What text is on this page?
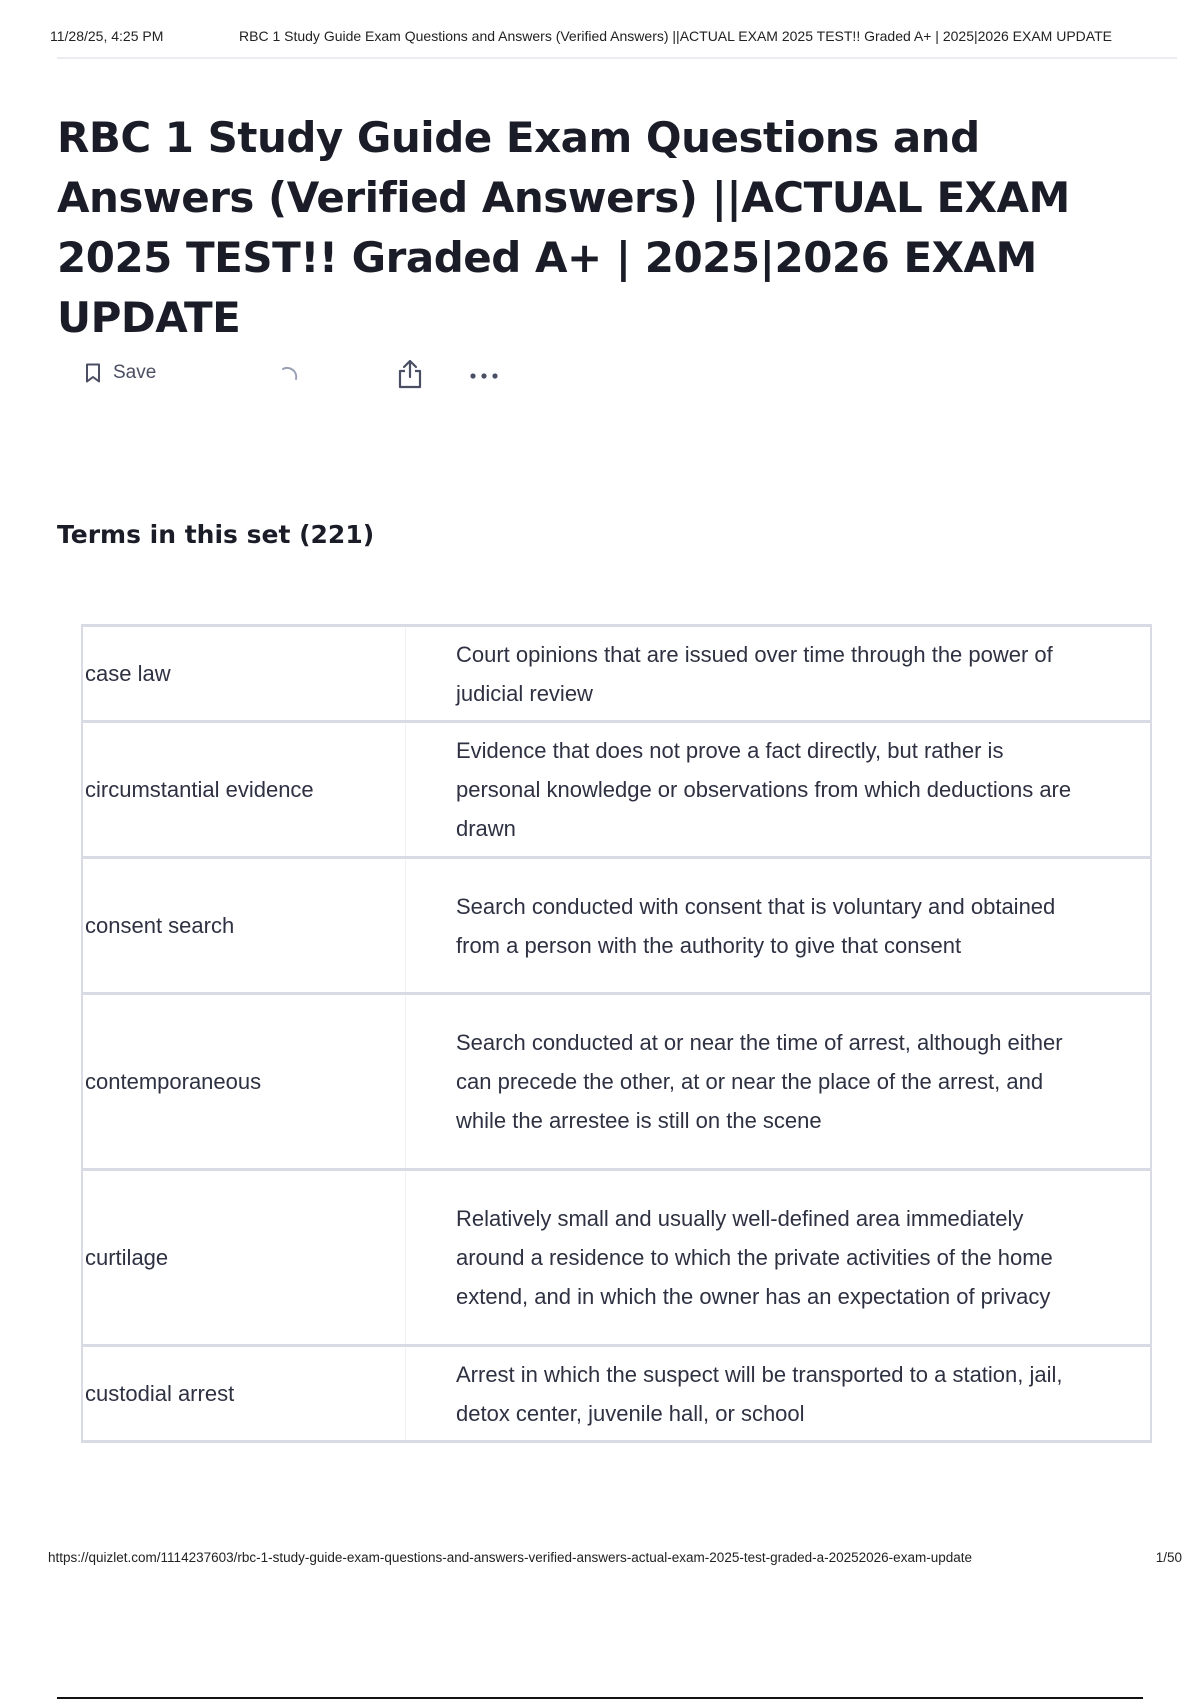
11/28/25, 4:25 PM	RBC 1 Study Guide Exam Questions and Answers (Verified Answers) ||ACTUAL EXAM 2025 TEST!! Graded A+ | 2025|2026 EXAM UPDATE
RBC 1 Study Guide Exam Questions and Answers (Verified Answers) ||ACTUAL EXAM 2025 TEST!! Graded A+ | 2025|2026 EXAM UPDATE
Save
Terms in this set (221)
case law	Court opinions that are issued over time through the power of judicial review
circumstantial evidence	Evidence that does not prove a fact directly, but rather is personal knowledge or observations from which deductions are drawn
consent search	Search conducted with consent that is voluntary and obtained from a person with the authority to give that consent
contemporaneous	Search conducted at or near the time of arrest, although either can precede the other, at or near the place of the arrest, and while the arrestee is still on the scene
curtilage	Relatively small and usually well-defined area immediately around a residence to which the private activities of the home extend, and in which the owner has an expectation of privacy
custodial arrest	Arrest in which the suspect will be transported to a station, jail, detox center, juvenile hall, or school
https://quizlet.com/1114237603/rbc-1-study-guide-exam-questions-and-answers-verified-answers-actual-exam-2025-test-graded-a-20252026-exam-update	1/50
